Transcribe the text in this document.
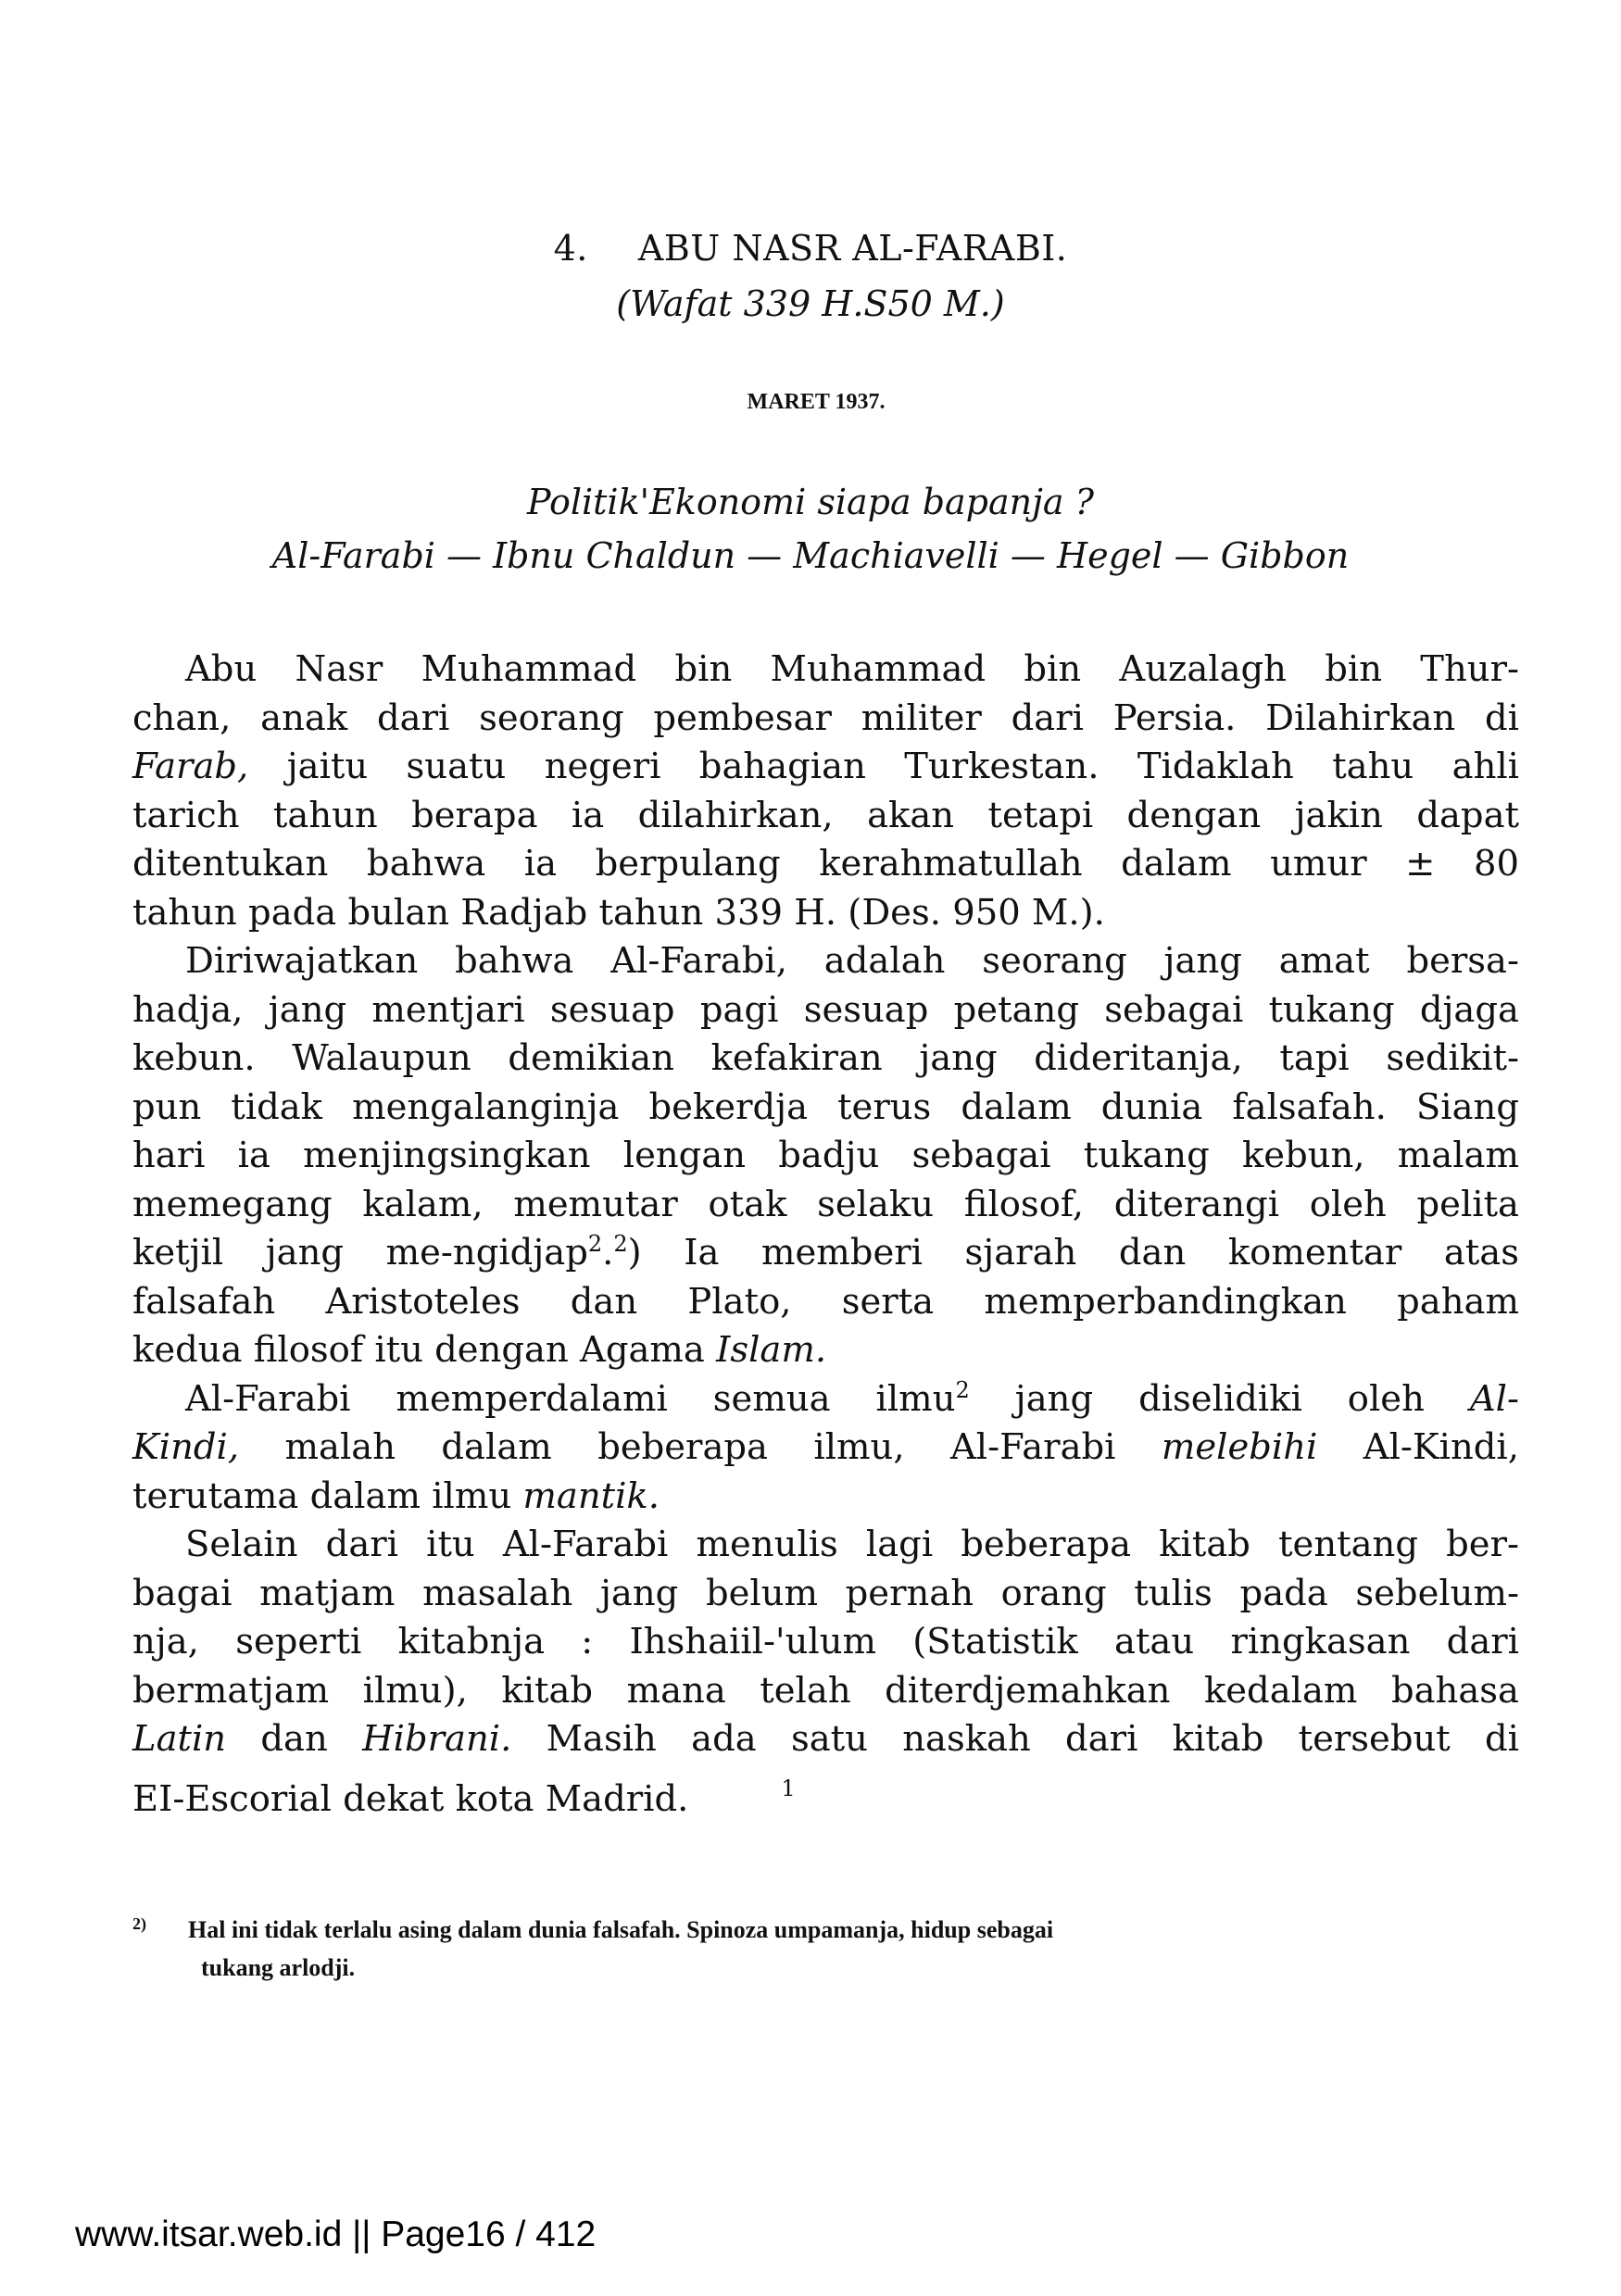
4. ABU NASR AL-FARABI.
(Wafat 339 H.S50 M.)
MARET 1937.
Politik'Ekonomi siapa bapanja ?
Al-Farabi — Ibnu Chaldun — Machiavelli — Hegel — Gibbon
Abu Nasr Muhammad bin Muhammad bin Auzalagh bin Thur-
chan, anak dari seorang pembesar militer dari Persia. Dilahirkan di
Farab, jaitu suatu negeri bahagian Turkestan. Tidaklah tahu ahli
tarich tahun berapa ia dilahirkan, akan tetapi dengan jakin dapat
ditentukan bahwa ia berpulang kerahmatullah dalam umur ± 80
tahun pada bulan Radjab tahun 339 H. (Des. 950 M.).
Diriwajatkan bahwa Al-Farabi, adalah seorang jang amat bersa-
hadja, jang mentjari sesuap pagi sesuap petang sebagai tukang djaga
kebun. Walaupun demikian kefakiran jang dideritanja, tapi sedikit-
pun tidak mengalanginja bekerdja terus dalam dunia falsafah. Siang
hari ia menjingsingkan lengan badju sebagai tukang kebun, malam
memegang kalam, memutar otak selaku filosof, diterangi oleh pelita
ketjil jang me-ngidjap$^2$.$^2$) Ia memberi sjarah dan komentar atas
falsafah Aristoteles dan Plato, serta memperbandingkan paham
kedua filosof itu dengan Agama Islam.
Al-Farabi memperdalami semua ilmu$^2$ jang diselidiki oleh Al-
Kindi, malah dalam beberapa ilmu, Al-Farabi melebihi Al-Kindi,
terutama dalam ilmu mantik.
Selain dari itu Al-Farabi menulis lagi beberapa kitab tentang ber-
bagai matjam masalah jang belum pernah orang tulis pada sebelum-
nja, seperti kitabnja : Ihshaiil-'ulum (Statistik atau ringkasan dari
bermatjam ilmu), kitab mana telah diterdjemahkan kedalam bahasa
Latin dan Hibrani. Masih ada satu naskah dari kitab tersebut di
EI-Escorial dekat kota Madrid.	1
2) Hal ini tidak terlalu asing dalam dunia falsafah. Spinoza umpamanja, hidup sebagai
tukang arlodji.
www.itsar.web.id || Page16 / 412
